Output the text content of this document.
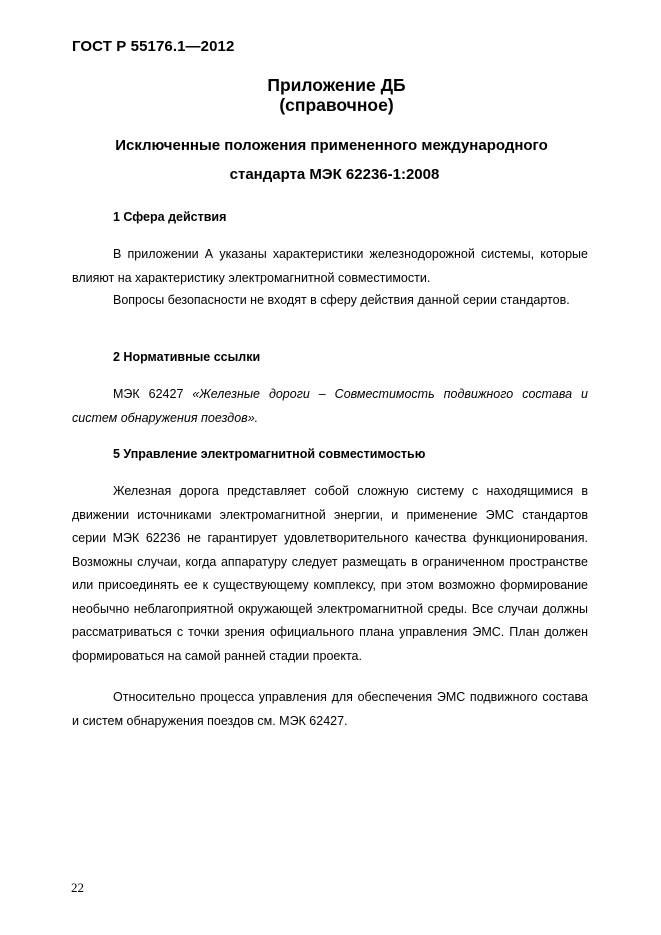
ГОСТ Р 55176.1—2012
Приложение ДБ
(справочное)
Исключенные положения примененного международного
стандарта МЭК 62236-1:2008
1 Сфера действия

В приложении А указаны характеристики железнодорожной системы, которые влияют на характеристику электромагнитной совместимости.

Вопросы безопасности не входят в сферу действия данной серии стандартов.

2 Нормативные ссылки

МЭК 62427 «Железные дороги – Совместимость подвижного состава и систем обнаружения поездов».

5 Управление электромагнитной совместимостью

Железная дорога представляет собой сложную систему с находящимися в движении источниками электромагнитной энергии, и применение ЭМС стандартов серии МЭК 62236 не гарантирует удовлетворительного качества функционирования. Возможны случаи, когда аппаратуру следует размещать в ограниченном пространстве или присоединять ее к существующему комплексу, при этом возможно формирование необычно неблагоприятной окружающей электромагнитной среды. Все случаи должны рассматриваться с точки зрения официального плана управления ЭМС. План должен формироваться на самой ранней стадии проекта.

Относительно процесса управления для обеспечения ЭМС подвижного состава и систем обнаружения поездов см. МЭК 62427.

22
